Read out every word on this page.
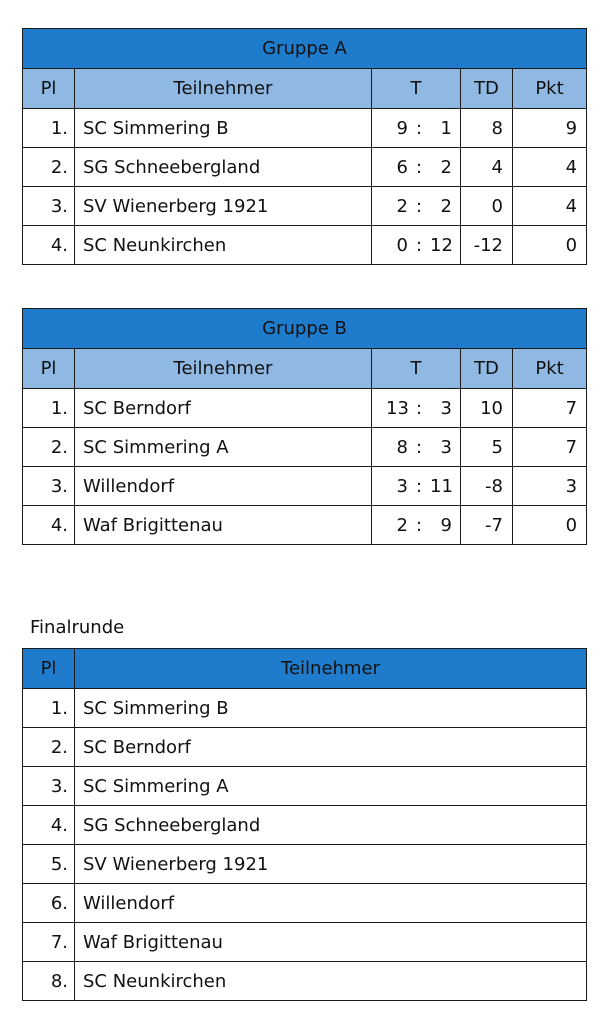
Gruppe A				
Pl	Teilnehmer	T	TD	Pkt
1.	SC Simmering B	9 : 1	8	9
2.	SG Schneebergland	6 : 2	4	4
3.	SV Wienerberg 1921	2 : 2	0	4
4.	SC Neunkirchen	0 : 12	-12	0
Gruppe B				
Pl	Teilnehmer	T	TD	Pkt
1.	SC Berndorf	13 : 3	10	7
2.	SC Simmering A	8 : 3	5	7
3.	Willendorf	3 : 11	-8	3
4.	Waf Brigittenau	2 : 9	-7	0
Finalrunde
Pl	Teilnehmer
1.	SC Simmering B
2.	SC Berndorf
3.	SC Simmering A
4.	SG Schneebergland
5.	SV Wienerberg 1921
6.	Willendorf
7.	Waf Brigittenau
8.	SC Neunkirchen
